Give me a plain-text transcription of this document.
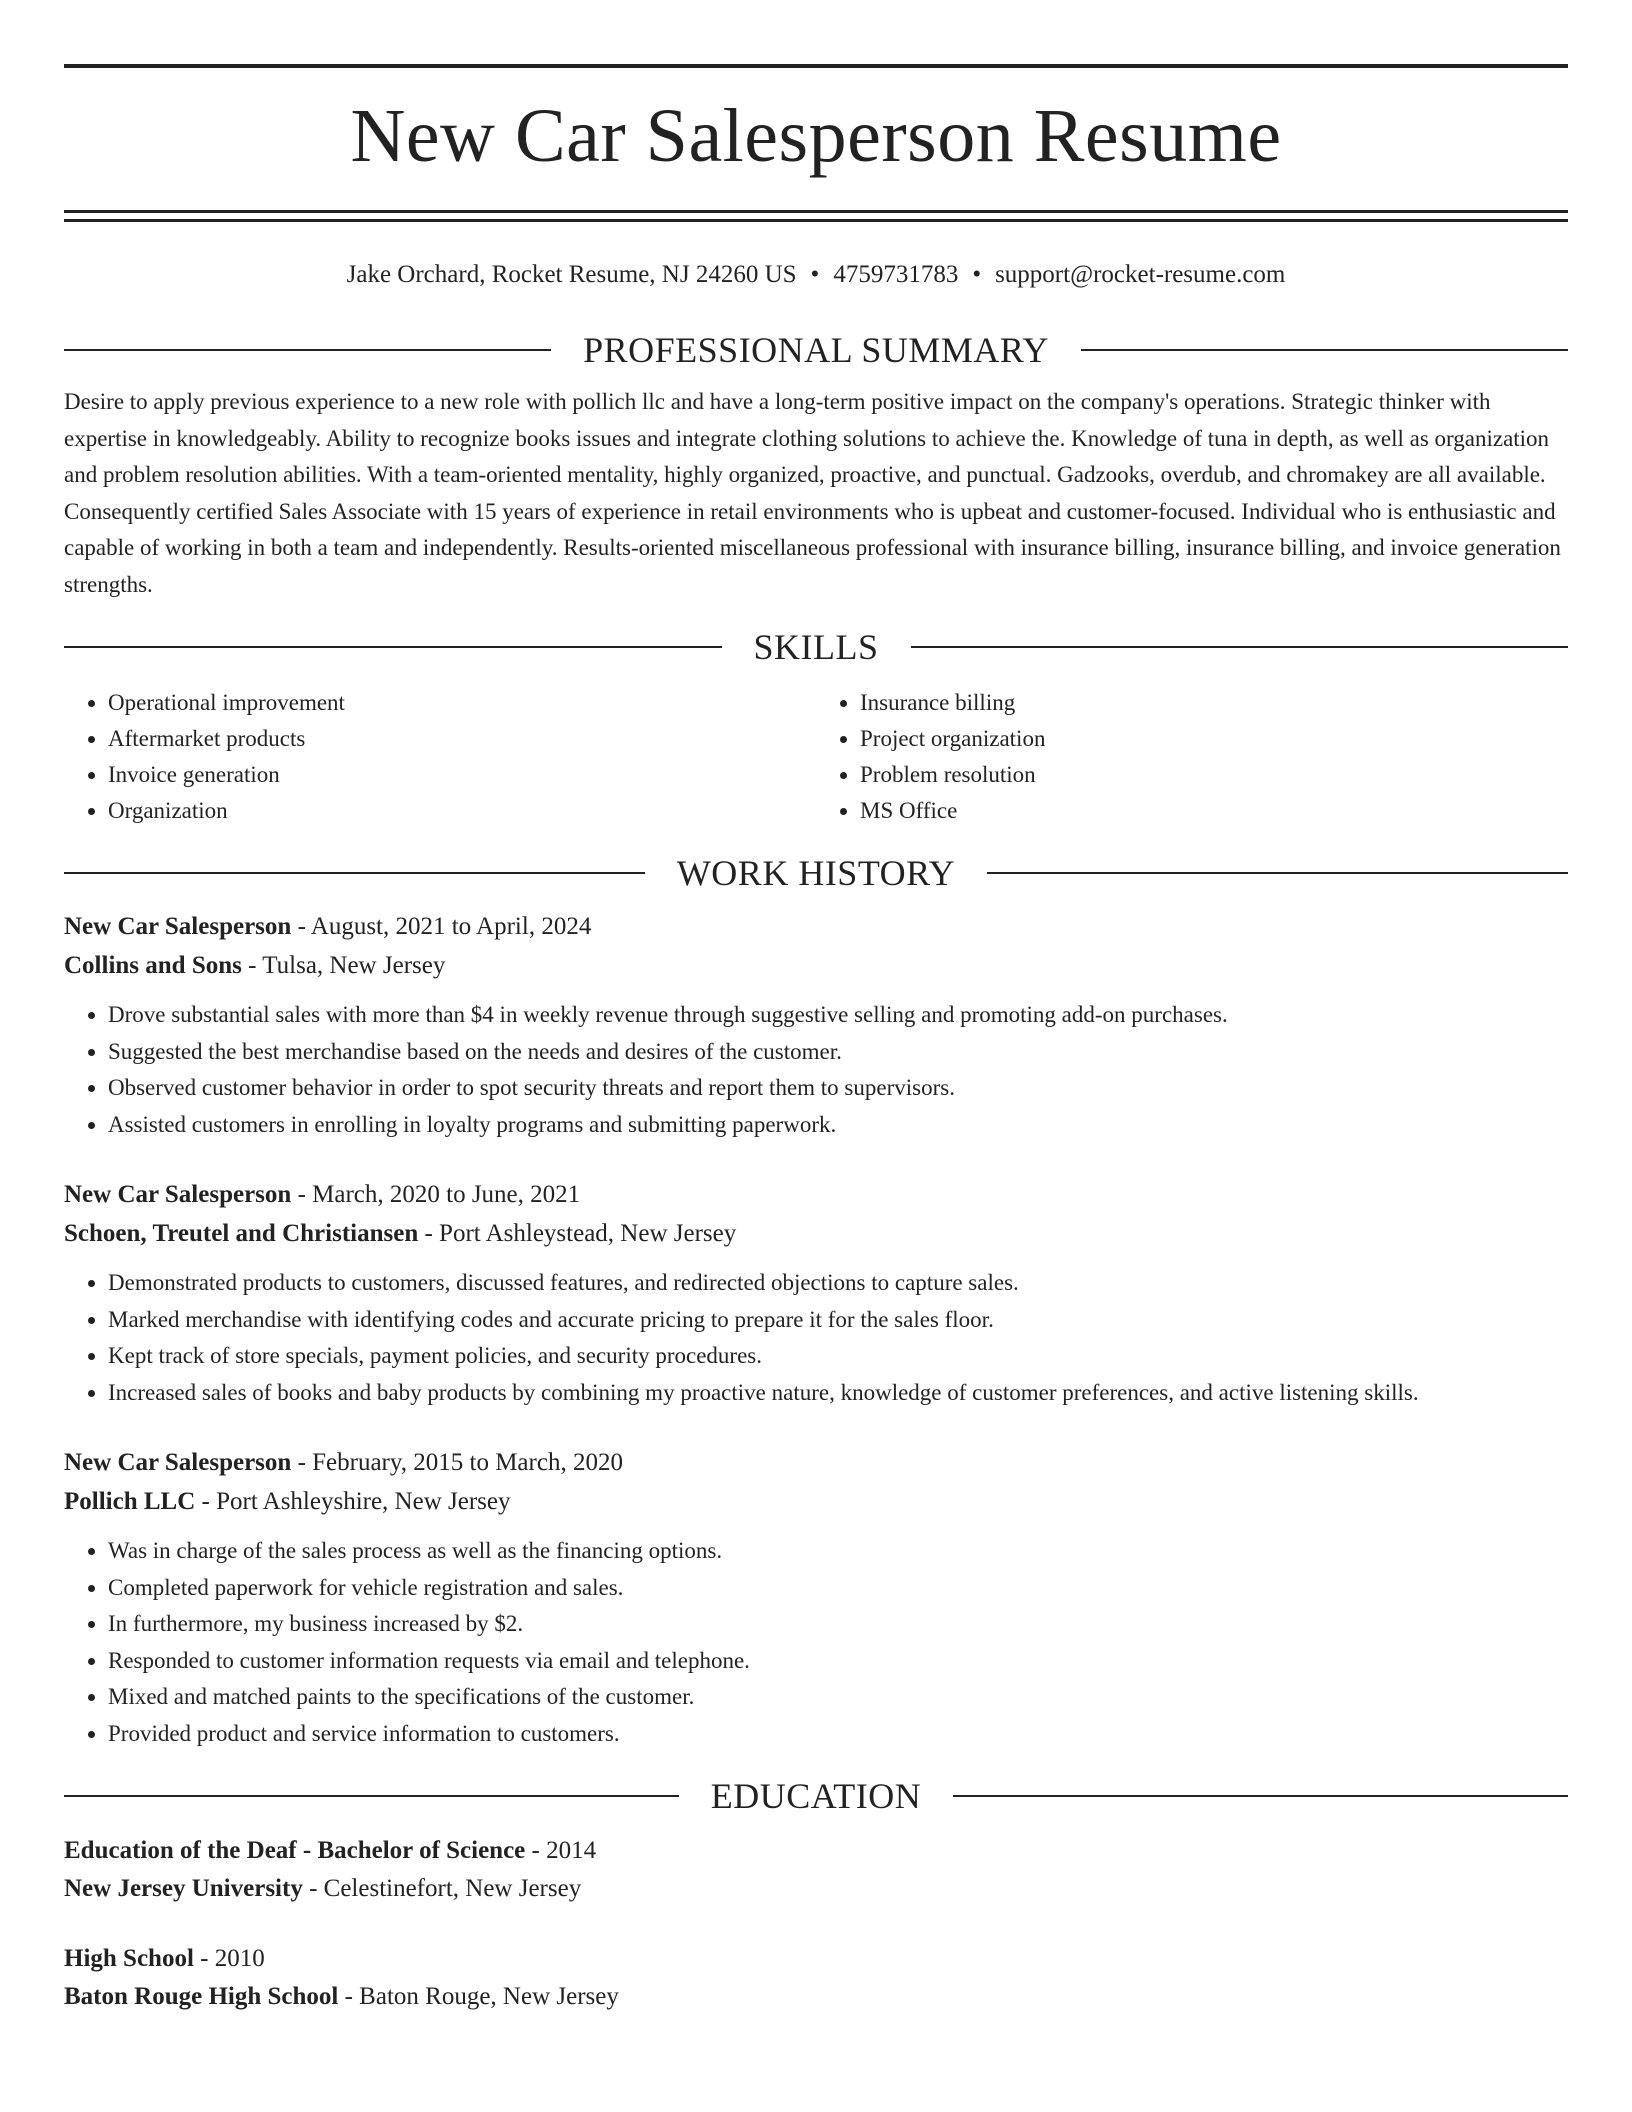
New Car Salesperson Resume
Jake Orchard, Rocket Resume, NJ 24260 US • 4759731783 • support@rocket-resume.com
PROFESSIONAL SUMMARY
Desire to apply previous experience to a new role with pollich llc and have a long-term positive impact on the company's operations. Strategic thinker with expertise in knowledgeably. Ability to recognize books issues and integrate clothing solutions to achieve the. Knowledge of tuna in depth, as well as organization and problem resolution abilities. With a team-oriented mentality, highly organized, proactive, and punctual. Gadzooks, overdub, and chromakey are all available. Consequently certified Sales Associate with 15 years of experience in retail environments who is upbeat and customer-focused. Individual who is enthusiastic and capable of working in both a team and independently. Results-oriented miscellaneous professional with insurance billing, insurance billing, and invoice generation strengths.
SKILLS
• Operational improvement
• Aftermarket products
• Invoice generation
• Organization
• Insurance billing
• Project organization
• Problem resolution
• MS Office
WORK HISTORY
New Car Salesperson - August, 2021 to April, 2024
Collins and Sons - Tulsa, New Jersey
• Drove substantial sales with more than $4 in weekly revenue through suggestive selling and promoting add-on purchases.
• Suggested the best merchandise based on the needs and desires of the customer.
• Observed customer behavior in order to spot security threats and report them to supervisors.
• Assisted customers in enrolling in loyalty programs and submitting paperwork.
New Car Salesperson - March, 2020 to June, 2021
Schoen, Treutel and Christiansen - Port Ashleystead, New Jersey
• Demonstrated products to customers, discussed features, and redirected objections to capture sales.
• Marked merchandise with identifying codes and accurate pricing to prepare it for the sales floor.
• Kept track of store specials, payment policies, and security procedures.
• Increased sales of books and baby products by combining my proactive nature, knowledge of customer preferences, and active listening skills.
New Car Salesperson - February, 2015 to March, 2020
Pollich LLC - Port Ashleyshire, New Jersey
• Was in charge of the sales process as well as the financing options.
• Completed paperwork for vehicle registration and sales.
• In furthermore, my business increased by $2.
• Responded to customer information requests via email and telephone.
• Mixed and matched paints to the specifications of the customer.
• Provided product and service information to customers.
EDUCATION
Education of the Deaf - Bachelor of Science - 2014
New Jersey University - Celestinefort, New Jersey
High School - 2010
Baton Rouge High School - Baton Rouge, New Jersey
